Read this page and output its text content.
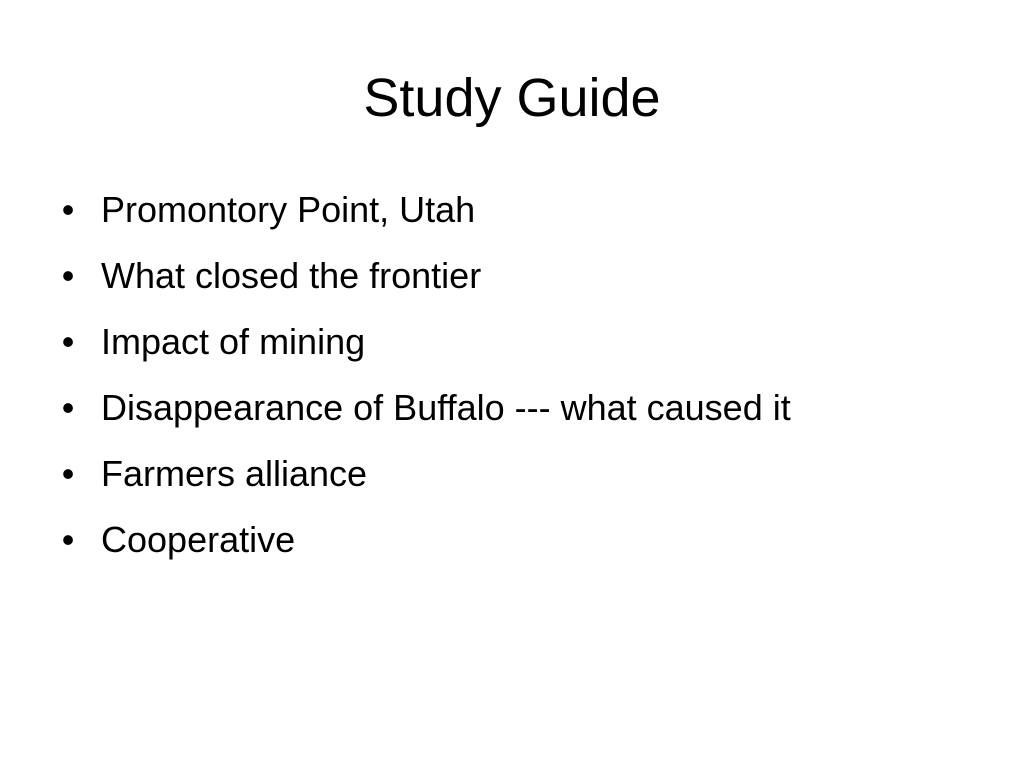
Study Guide
• Promontory Point, Utah
• What closed the frontier
• Impact of mining
• Disappearance of Buffalo --- what caused it
• Farmers alliance
• Cooperative
